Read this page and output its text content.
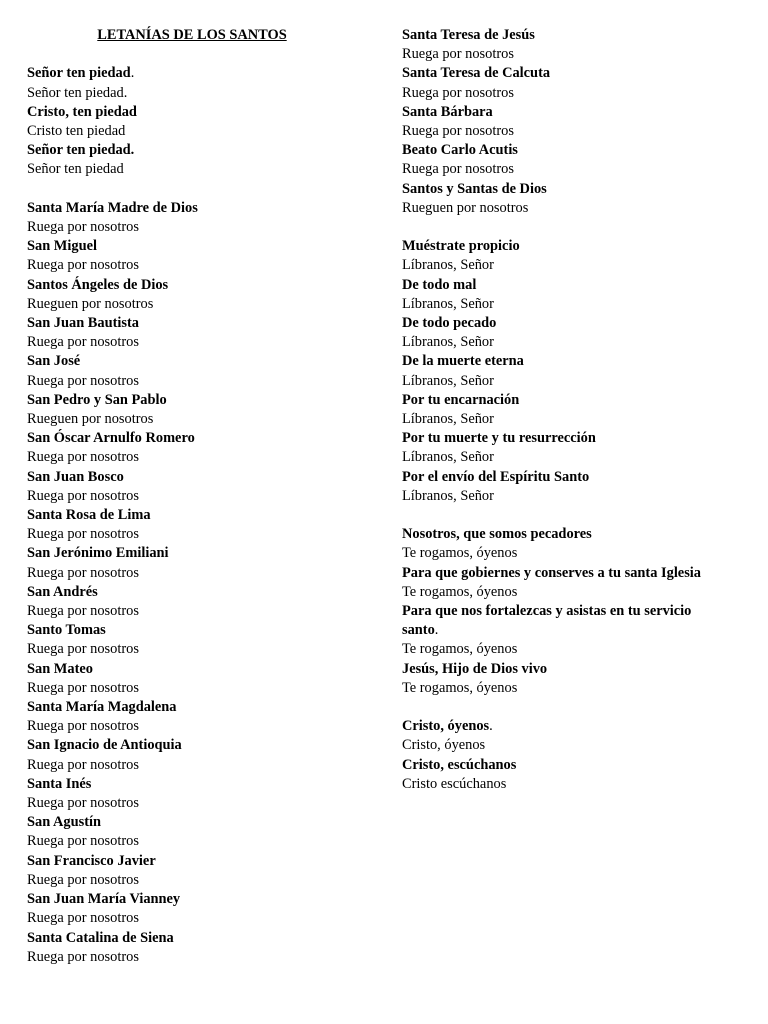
LETANÍAS DE LOS SANTOS
Señor ten piedad.
Señor ten piedad.
Cristo, ten piedad
Cristo ten piedad
Señor ten piedad.
Señor ten piedad
Santa María Madre de Dios
Ruega por nosotros
San Miguel
Ruega por nosotros
Santos Ángeles de Dios
Rueguen por nosotros
San Juan Bautista
Ruega por nosotros
San José
Ruega por nosotros
San Pedro y San Pablo
Rueguen por nosotros
San Óscar Arnulfo Romero
Ruega por nosotros
San Juan Bosco
Ruega por nosotros
Santa Rosa de Lima
Ruega por nosotros
San Jerónimo Emiliani
Ruega por nosotros
San Andrés
Ruega por nosotros
Santo Tomas
Ruega por nosotros
San Mateo
Ruega por nosotros
Santa María Magdalena
Ruega por nosotros
San Ignacio de Antioquia
Ruega por nosotros
Santa Inés
Ruega por nosotros
San Agustín
Ruega por nosotros
San Francisco Javier
Ruega por nosotros
San Juan María Vianney
Ruega por nosotros
Santa Catalina de Siena
Ruega por nosotros
Santa Teresa de Jesús
Ruega por nosotros
Santa Teresa de Calcuta
Ruega por nosotros
Santa Bárbara
Ruega por nosotros
Beato Carlo Acutis
Ruega por nosotros
Santos y Santas de Dios
Rueguen por nosotros
Muéstrate propicio
Líbranos, Señor
De todo mal
Líbranos, Señor
De todo pecado
Líbranos, Señor
De la muerte eterna
Líbranos, Señor
Por tu encarnación
Líbranos, Señor
Por tu muerte y tu resurrección
Líbranos, Señor
Por el envío del Espíritu Santo
Líbranos, Señor
Nosotros, que somos pecadores
Te rogamos, óyenos
Para que gobiernes y conserves a tu santa Iglesia
Te rogamos, óyenos
Para que nos fortalezcas y asistas en tu servicio
santo.
Te rogamos, óyenos
Jesús, Hijo de Dios vivo
Te rogamos, óyenos
Cristo, óyenos.
Cristo, óyenos
Cristo, escúchanos
Cristo escúchanos
